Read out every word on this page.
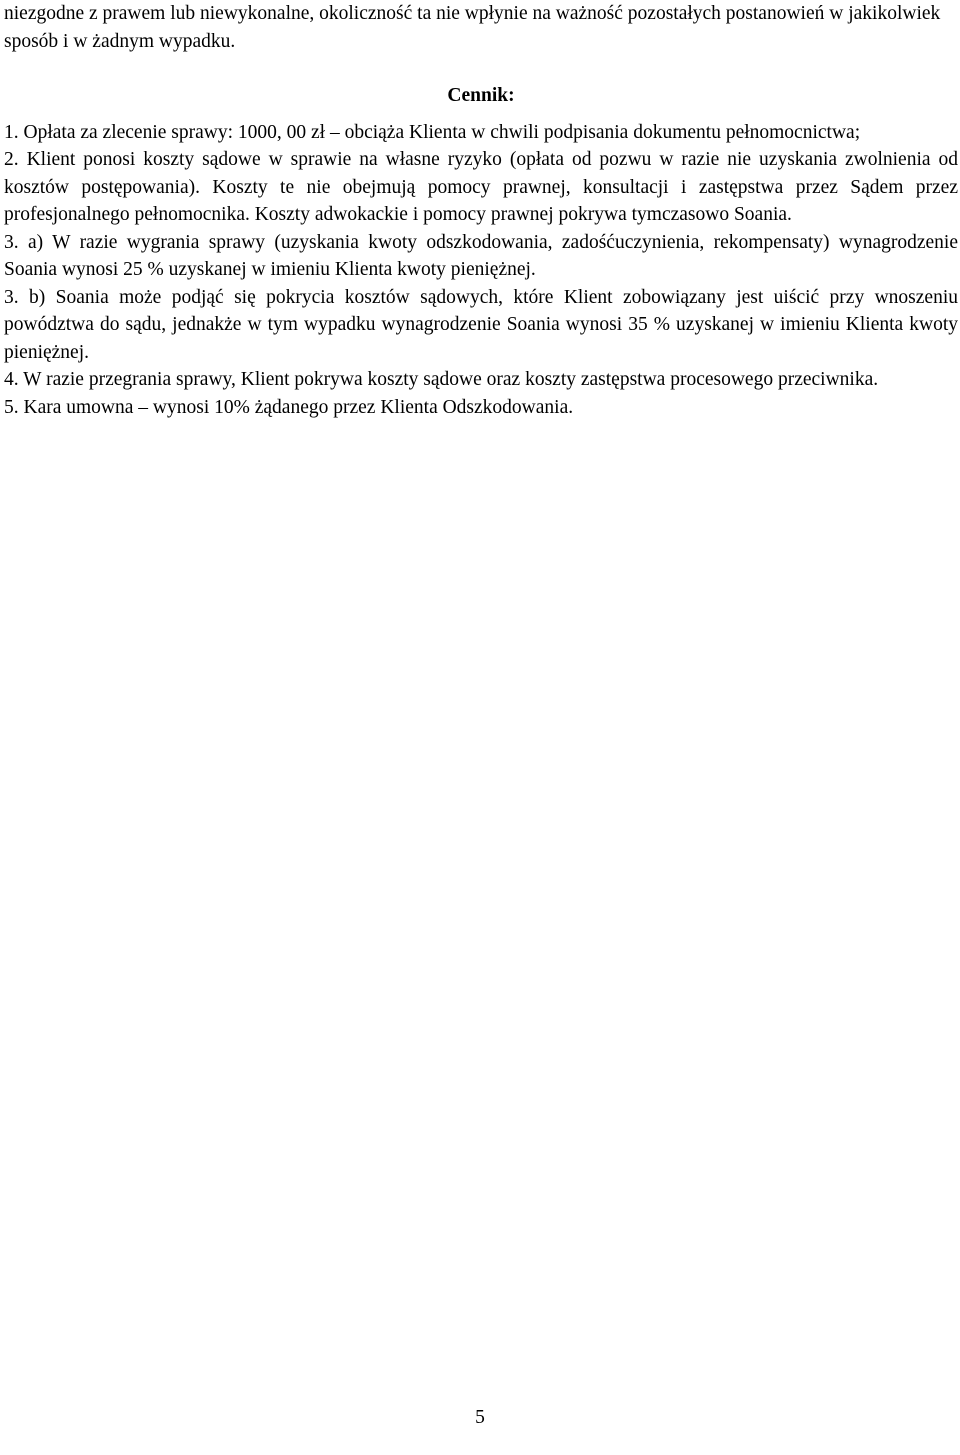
niezgodne z prawem lub niewykonalne, okoliczność ta nie wpłynie na ważność pozostałych postanowień w jakikolwiek sposób i w żadnym wypadku.

Cennik:

1. Opłata za zlecenie sprawy: 1000, 00 zł – obciąża Klienta w chwili podpisania dokumentu pełnomocnictwa;

2. Klient ponosi koszty sądowe w sprawie na własne ryzyko (opłata od pozwu w razie nie uzyskania zwolnienia od kosztów postępowania). Koszty te nie obejmują pomocy prawnej, konsultacji i zastępstwa przez Sądem przez profesjonalnego pełnomocnika. Koszty adwokackie i pomocy prawnej pokrywa tymczasowo Soania.

3. a) W razie wygrania sprawy (uzyskania kwoty odszkodowania, zadośćuczynienia, rekompensaty) wynagrodzenie Soania wynosi 25 % uzyskanej w imieniu Klienta kwoty pieniężnej.

3. b) Soania może podjąć się pokrycia kosztów sądowych, które Klient zobowiązany jest uiścić przy wnoszeniu powództwa do sądu, jednakże w tym wypadku wynagrodzenie Soania wynosi 35 % uzyskanej w imieniu Klienta kwoty pieniężnej.

4. W razie przegrania sprawy, Klient pokrywa koszty sądowe oraz koszty zastępstwa procesowego przeciwnika.

5. Kara umowna – wynosi 10% żądanego przez Klienta Odszkodowania.

5
